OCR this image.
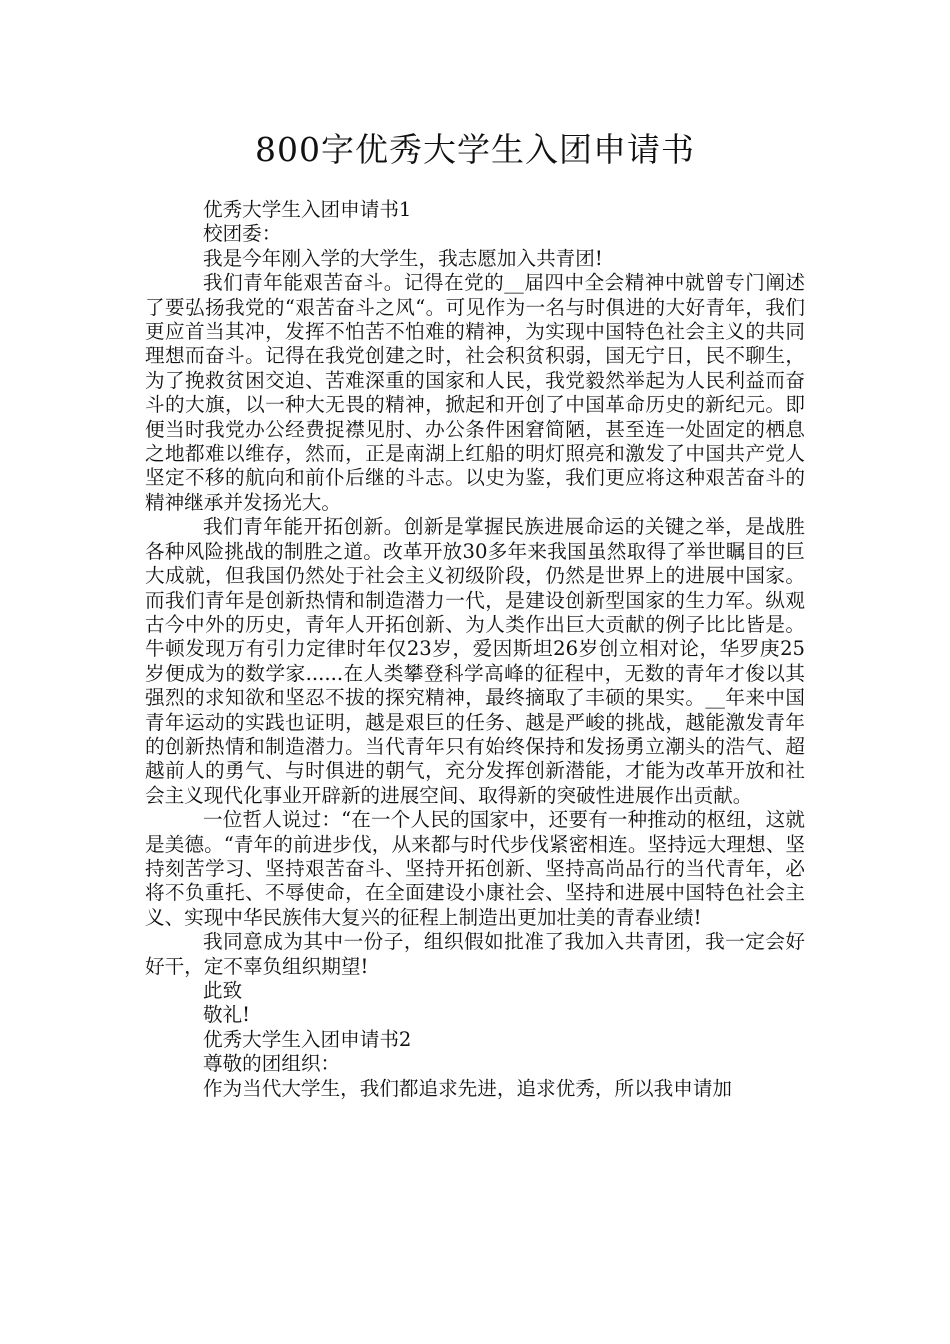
800字优秀大学生入团申请书
优秀大学生入团申请书1
校团委：
我是今年刚入学的大学生，我志愿加入共青团!
我们青年能艰苦奋斗。记得在党的__届四中全会精神中就曾专门阐述了要弘扬我党的“艰苦奋斗之风“。可见作为一名与时俱进的大好青年，我们更应首当其冲，发挥不怕苦不怕难的精神，为实现中国特色社会主义的共同理想而奋斗。记得在我党创建之时，社会积贫积弱，国无宁日，民不聊生，为了挽救贫困交迫、苦难深重的国家和人民，我党毅然举起为人民利益而奋斗的大旗，以一种大无畏的精神，掀起和开创了中国革命历史的新纪元。即便当时我党办公经费捉襟见肘、办公条件困窘简陋，甚至连一处固定的栖息之地都难以维存，然而，正是南湖上红船的明灯照亮和激发了中国共产党人坚定不移的航向和前仆后继的斗志。以史为鉴，我们更应将这种艰苦奋斗的精神继承并发扬光大。
我们青年能开拓创新。创新是掌握民族进展命运的关键之举，是战胜各种风险挑战的制胜之道。改革开放30多年来我国虽然取得了举世瞩目的巨大成就，但我国仍然处于社会主义初级阶段，仍然是世界上的进展中国家。而我们青年是创新热情和制造潜力一代，是建设创新型国家的生力军。纵观古今中外的历史，青年人开拓创新、为人类作出巨大贡献的例子比比皆是。牛顿发现万有引力定律时年仅23岁，爱因斯坦26岁创立相对论，华罗庚25岁便成为的数学家......在人类攀登科学高峰的征程中，无数的青年才俊以其强烈的求知欲和坚忍不拔的探究精神，最终摘取了丰硕的果实。__年来中国青年运动的实践也证明，越是艰巨的任务、越是严峻的挑战，越能激发青年的创新热情和制造潜力。当代青年只有始终保持和发扬勇立潮头的浩气、超越前人的勇气、与时俱进的朝气，充分发挥创新潜能，才能为改革开放和社会主义现代化事业开辟新的进展空间、取得新的突破性进展作出贡献。
一位哲人说过：“在一个人民的国家中，还要有一种推动的枢纽，这就是美德。“青年的前进步伐，从来都与时代步伐紧密相连。坚持远大理想、坚持刻苦学习、坚持艰苦奋斗、坚持开拓创新、坚持高尚品行的当代青年，必将不负重托、不辱使命，在全面建设小康社会、坚持和进展中国特色社会主义、实现中华民族伟大复兴的征程上制造出更加壮美的青春业绩!
我同意成为其中一份子，组织假如批准了我加入共青团，我一定会好好干，定不辜负组织期望!
此致
敬礼!
优秀大学生入团申请书2
尊敬的团组织：
作为当代大学生，我们都追求先进，追求优秀，所以我申请加
